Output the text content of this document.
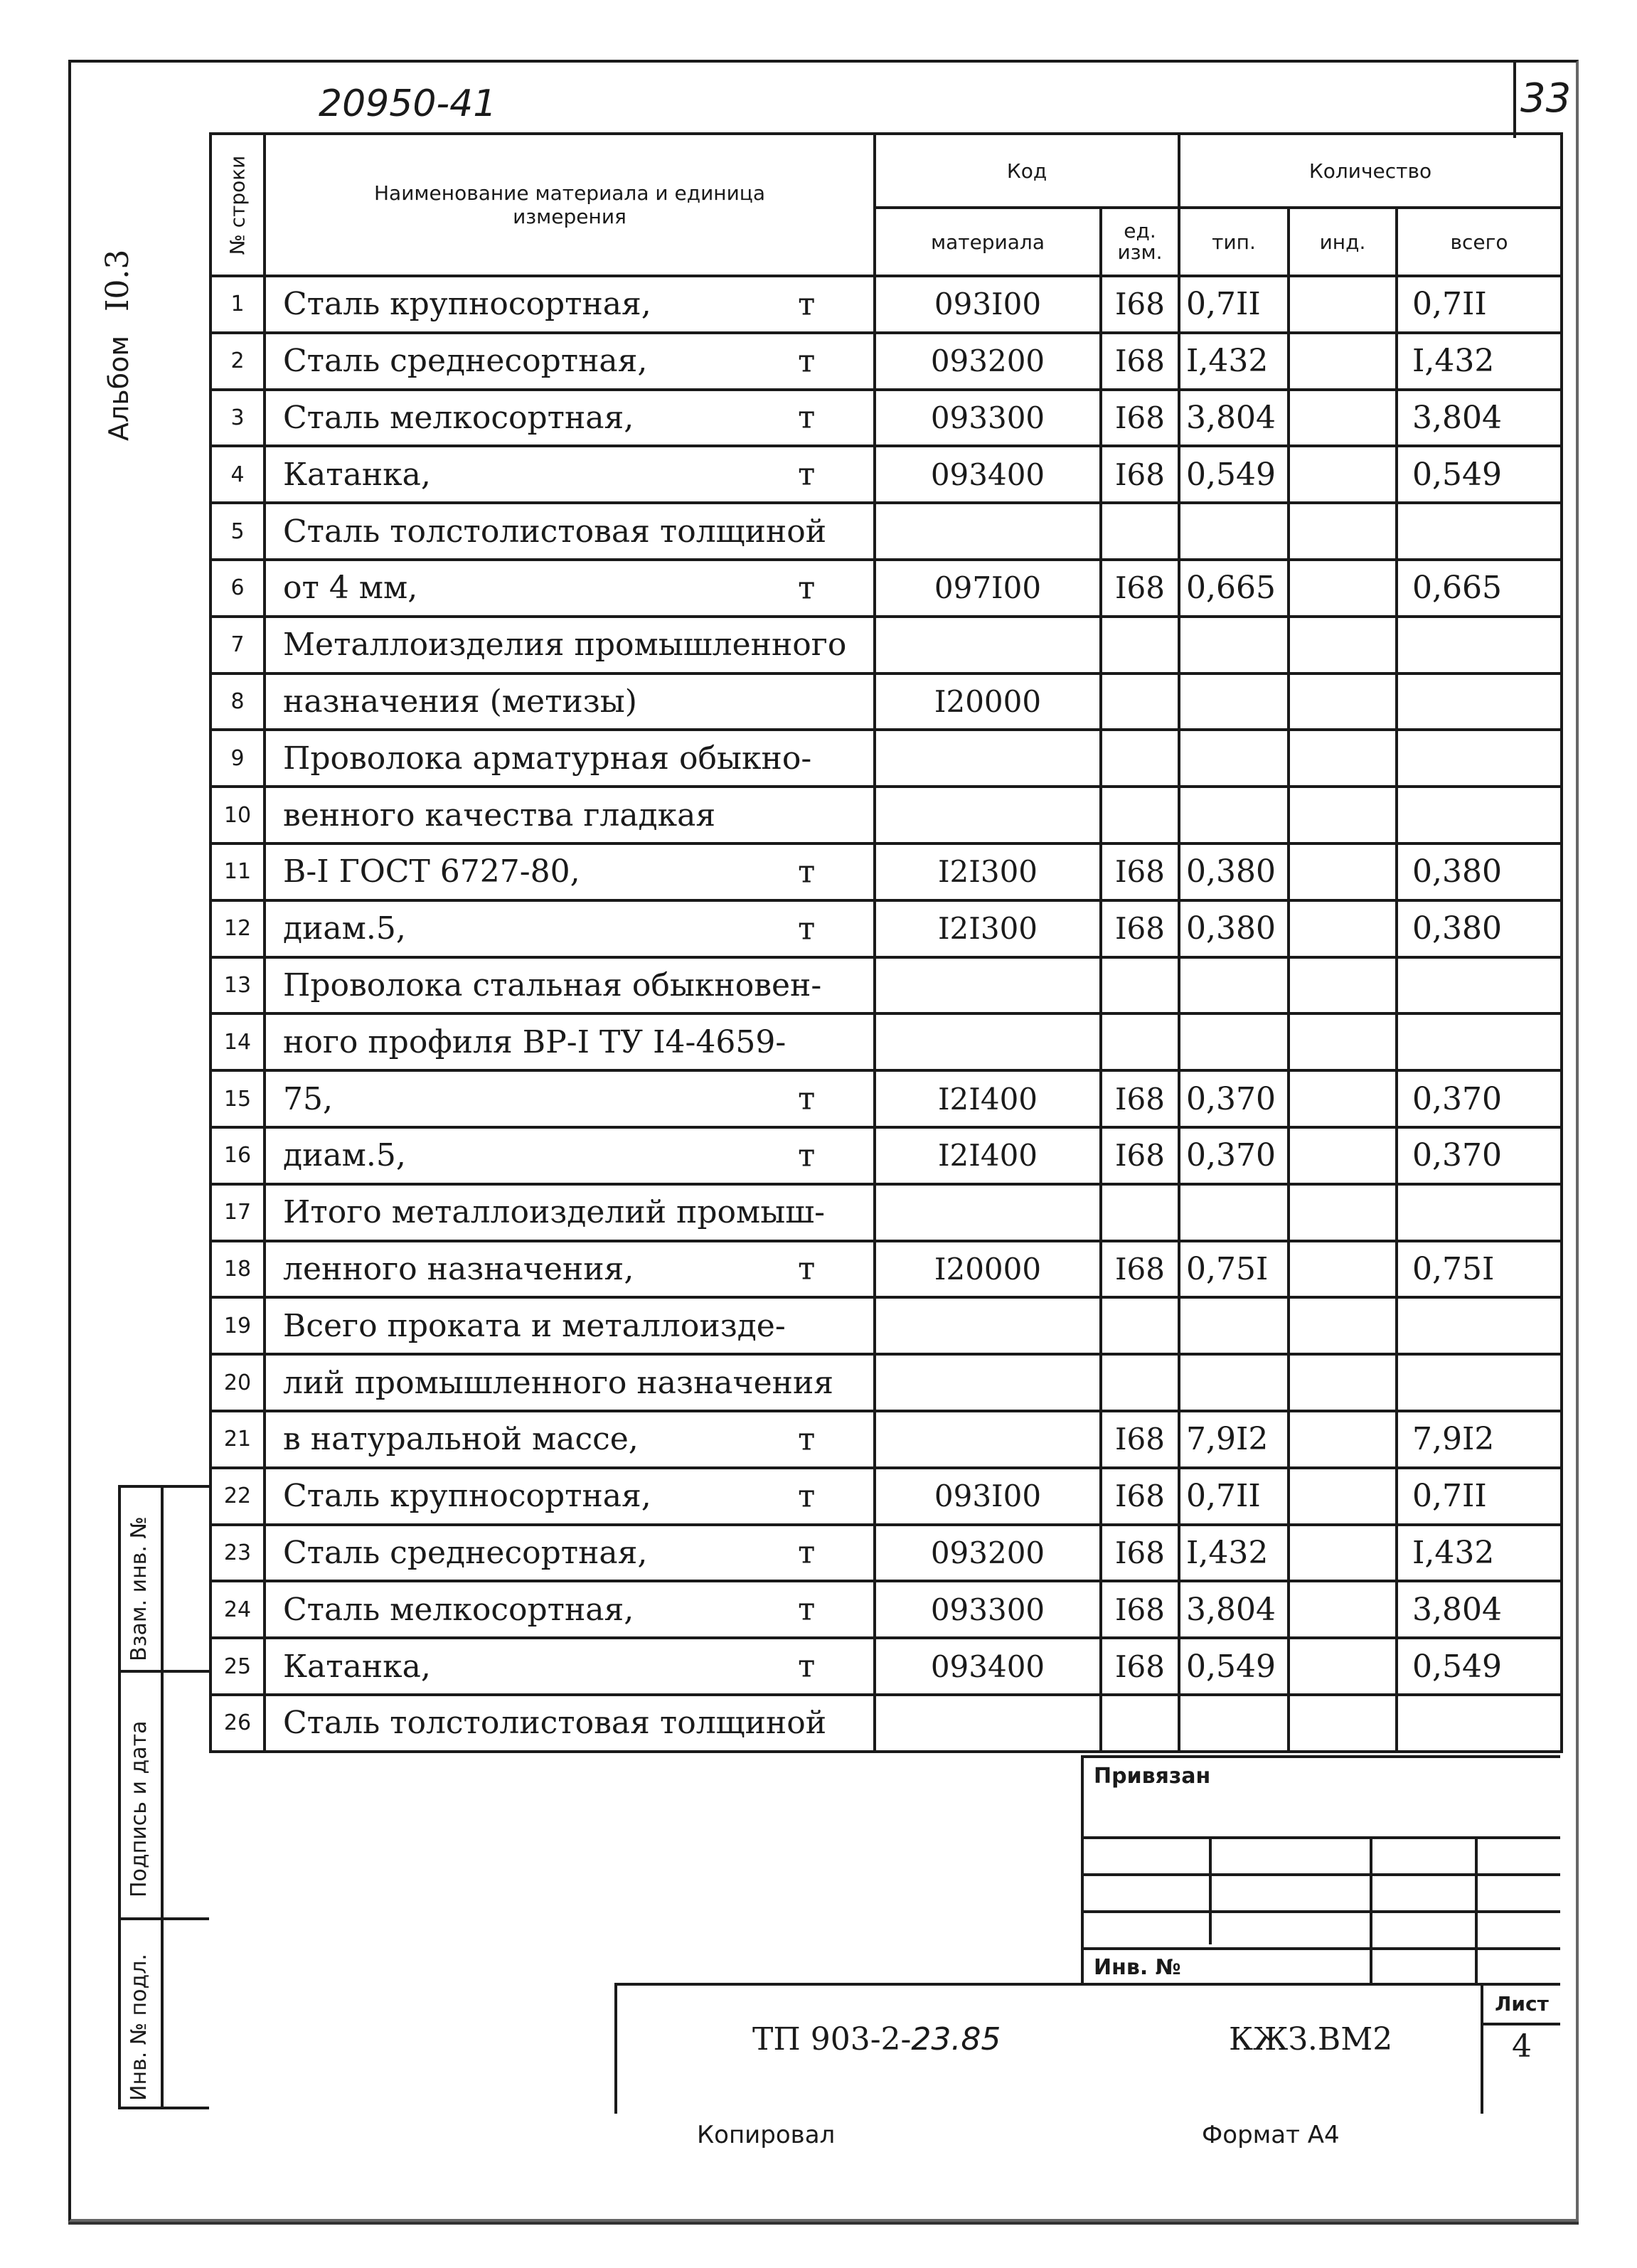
20950-41	33
АльбомI0.3
Взам. инв. №
Подпись и дата
Инв. № подл.
№ строки	Наименование материала и единица измерения	Код		Количество		
		материала	ед. изм.	тип.	инд.	всего
1	Сталь крупносортная, т	093I00	I68	0,7II		0,7II
2	Сталь среднесортная, т	093200	I68	I,432		I,432
3	Сталь мелкосортная, т	093300	I68	3,804		3,804
4	Катанка, т	093400	I68	0,549		0,549
5	Сталь толстолистовая толщиной

6	от 4 мм, т	097I00	I68	0,665		0,665
7	Металлоизделия промышленного

8	назначения (метизы)	I20000				
9	Проволока арматурная обыкно-

10	венного качества гладкая

11	В-I ГОСТ 6727-80, т	I2I300	I68	0,380		0,380
12	диам.5, т	I2I300	I68	0,380		0,380
13	Проволока стальная обыкновен-

14	ного профиля ВР-I ТУ I4-4659-

15	75, т	I2I400	I68	0,370		0,370
16	диам.5, т	I2I400	I68	0,370		0,370
17	Итого металлоизделий промыш-

18	ленного назначения, т	I20000	I68	0,75I		0,75I
19	Всего проката и металлоизде-

20	лий промышленного назначения

21	в натуральной массе, т		I68	7,9I2		7,9I2
22	Сталь крупносортная, т	093I00	I68	0,7II		0,7II
23	Сталь среднесортная, т	093200	I68	I,432		I,432
24	Сталь мелкосортная, т	093300	I68	3,804		3,804
25	Катанка, т	093400	I68	0,549		0,549
26	Сталь толстолистовая толщиной

Привязан
Инв. №
ТП 903-2-23.85	КЖЗ.ВМ2
Лист
4
Копировал	Формат А4
